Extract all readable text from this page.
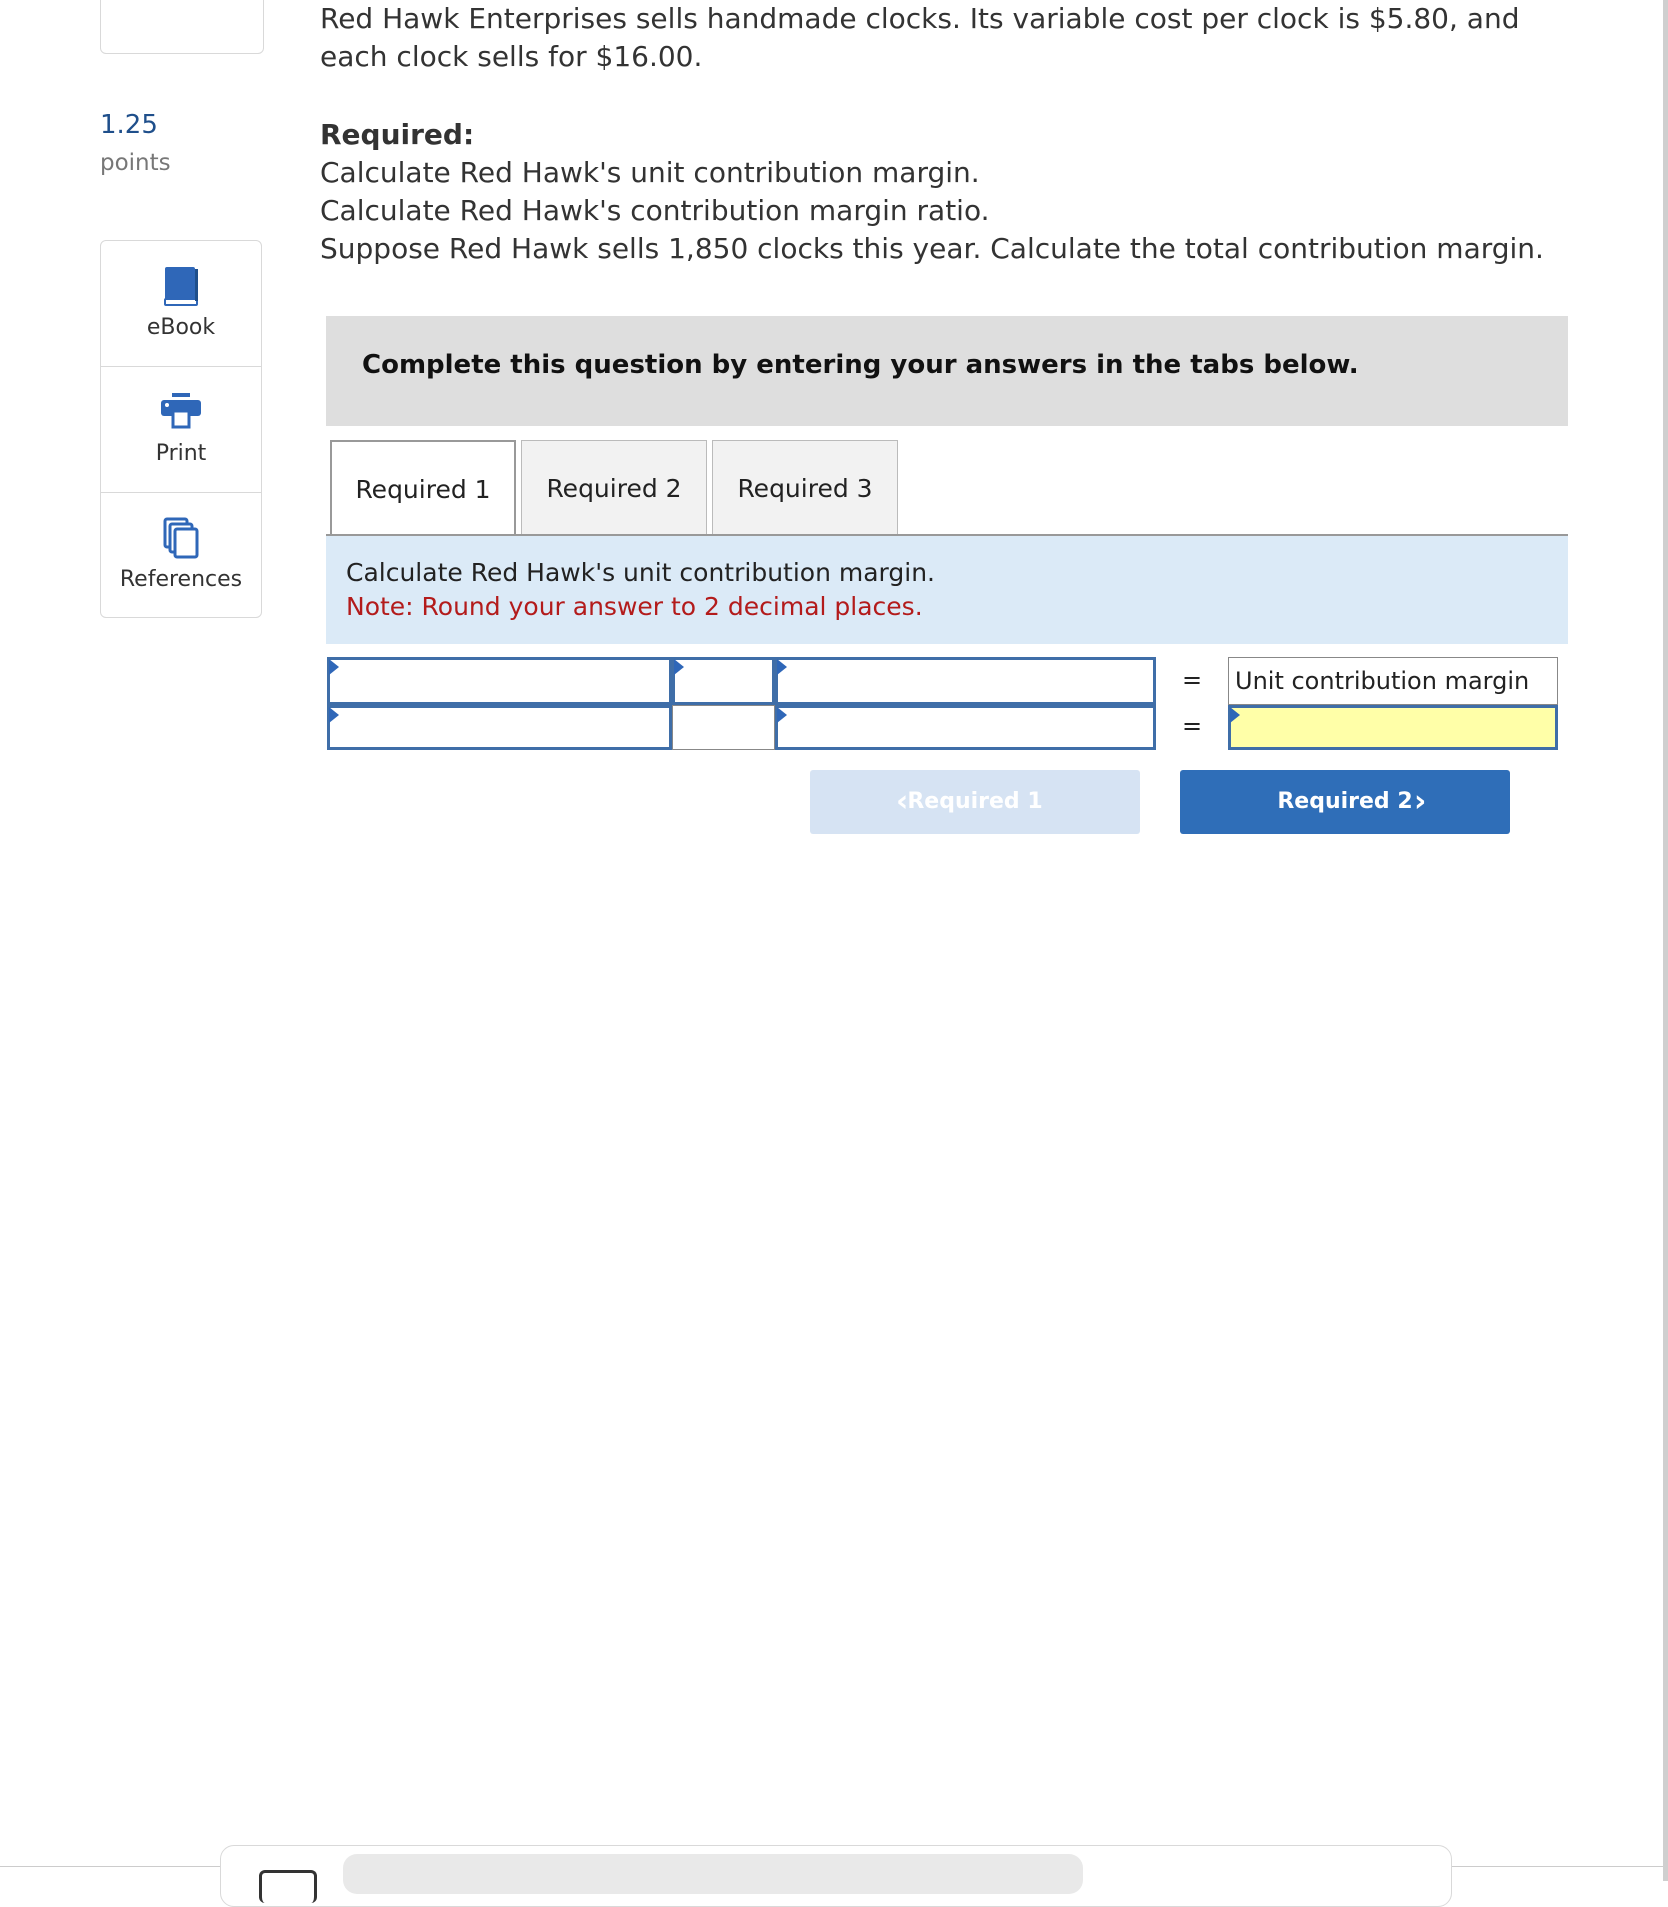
1.25
points
eBook
Print
References
Red Hawk Enterprises sells handmade clocks. Its variable cost per clock is $5.80, and
each clock sells for $16.00.
Required:
Calculate Red Hawk's unit contribution margin.
Calculate Red Hawk's contribution margin ratio.
Suppose Red Hawk sells 1,850 clocks this year. Calculate the total contribution margin.
Complete this question by entering your answers in the tabs below.
Required 1	Required 2	Required 3
Calculate Red Hawk's unit contribution margin.
Note: Round your answer to 2 decimal places.
=	Unit contribution margin
=
‹
Required 1	Required 2 ›
